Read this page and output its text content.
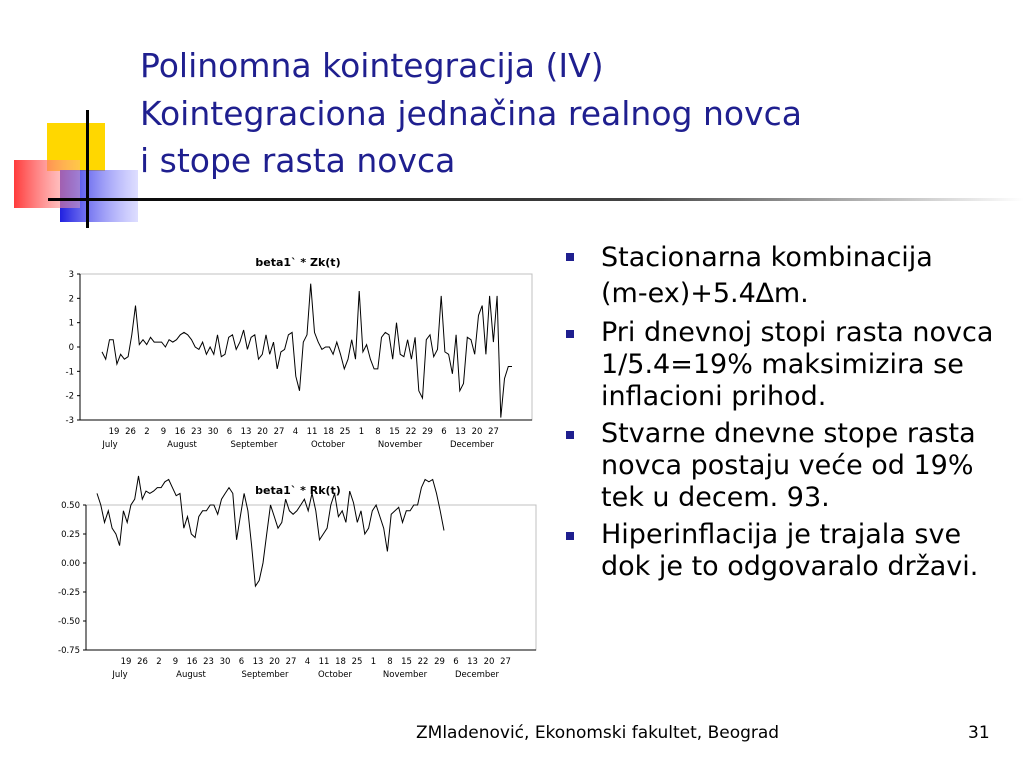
Polinomna kointegracija (IV)
Kointegraciona jednačina realnog novca
i stope rasta novca
beta1` * Zk(t)
3
2
1
0
-1
-2
-3
19 26 2 9 16 23 30 6 13 20 27 4 11 18 25 1 8 15 22 29 6 13 20 27
July	August	September	October	November	December
beta1` * Rk(t)
0.50
0.25
0.00
-0.25
-0.50
-0.75
19 26 2 9 16 23 30 6 13 20 27 4 11 18 25 1 8 15 22 29 6 13 20 27
July	August	September	October	November	December
Stacionarna kombinacija
(m-ex)+5.4∆m.
Pri dnevnoj stopi rasta novca 1/5.4=19% maksimizira se inflacioni prihod.
Stvarne dnevne stope rasta novca postaju veće od 19% tek u decem. 93.
Hiperinflacija je trajala sve dok je to odgovaralo državi.
ZMladenović, Ekonomski fakultet, Beograd	31
